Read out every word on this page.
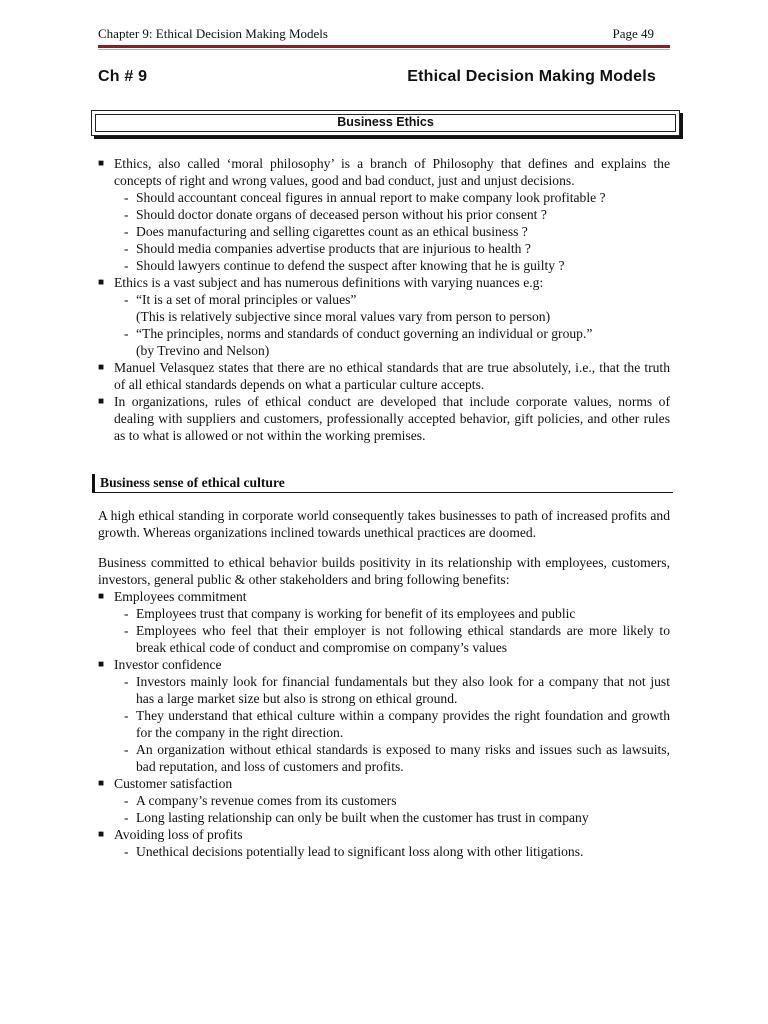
Chapter 9: Ethical Decision Making Models	Page 49
Ch # 9	Ethical Decision Making Models
Business Ethics
■ Ethics, also called ‘moral philosophy’ is a branch of Philosophy that defines and explains the concepts of right and wrong values, good and bad conduct, just and unjust decisions.
- Should accountant conceal figures in annual report to make company look profitable ?
- Should doctor donate organs of deceased person without his prior consent ?
- Does manufacturing and selling cigarettes count as an ethical business ?
- Should media companies advertise products that are injurious to health ?
- Should lawyers continue to defend the suspect after knowing that he is guilty ?
■ Ethics is a vast subject and has numerous definitions with varying nuances e.g:
- “It is a set of moral principles or values”
(This is relatively subjective since moral values vary from person to person)
- “The principles, norms and standards of conduct governing an individual or group.”
(by Trevino and Nelson)
■ Manuel Velasquez states that there are no ethical standards that are true absolutely, i.e., that the truth of all ethical standards depends on what a particular culture accepts.
■ In organizations, rules of ethical conduct are developed that include corporate values, norms of dealing with suppliers and customers, professionally accepted behavior, gift policies, and other rules as to what is allowed or not within the working premises.
Business sense of ethical culture

A high ethical standing in corporate world consequently takes businesses to path of increased profits and growth. Whereas organizations inclined towards unethical practices are doomed.

Business committed to ethical behavior builds positivity in its relationship with employees, customers, investors, general public & other stakeholders and bring following benefits:

■ Employees commitment
- Employees trust that company is working for benefit of its employees and public
- Employees who feel that their employer is not following ethical standards are more likely to break ethical code of conduct and compromise on company’s values
■ Investor confidence
- Investors mainly look for financial fundamentals but they also look for a company that not just has a large market size but also is strong on ethical ground.
- They understand that ethical culture within a company provides the right foundation and growth for the company in the right direction.
- An organization without ethical standards is exposed to many risks and issues such as lawsuits, bad reputation, and loss of customers and profits.
■ Customer satisfaction
- A company’s revenue comes from its customers
- Long lasting relationship can only be built when the customer has trust in company
■ Avoiding loss of profits
- Unethical decisions potentially lead to significant loss along with other litigations.
